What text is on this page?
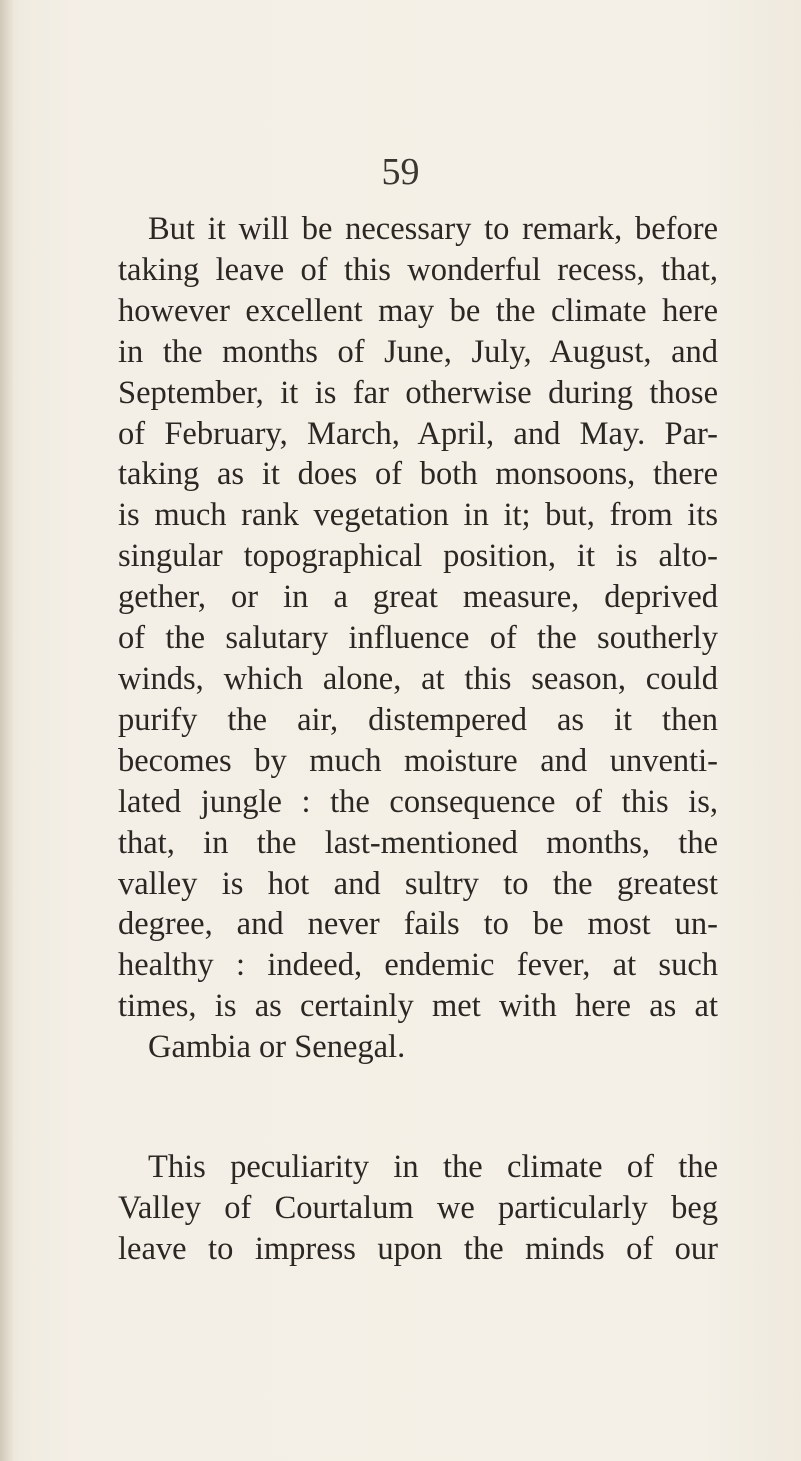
59
But it will be necessary to remark, before
taking leave of this wonderful recess, that,
however excellent may be the climate here
in the months of June, July, August, and
September, it is far otherwise during those
of February, March, April, and May. Par-
taking as it does of both monsoons, there
is much rank vegetation in it; but, from its
singular topographical position, it is alto-
gether, or in a great measure, deprived
of the salutary influence of the southerly
winds, which alone, at this season, could
purify the air, distempered as it then
becomes by much moisture and unventi-
lated jungle : the consequence of this is,
that, in the last-mentioned months, the
valley is hot and sultry to the greatest
degree, and never fails to be most un-
healthy : indeed, endemic fever, at such
times, is as certainly met with here as at
Gambia or Senegal.
This peculiarity in the climate of the
Valley of Courtalum we particularly beg
leave to impress upon the minds of our
